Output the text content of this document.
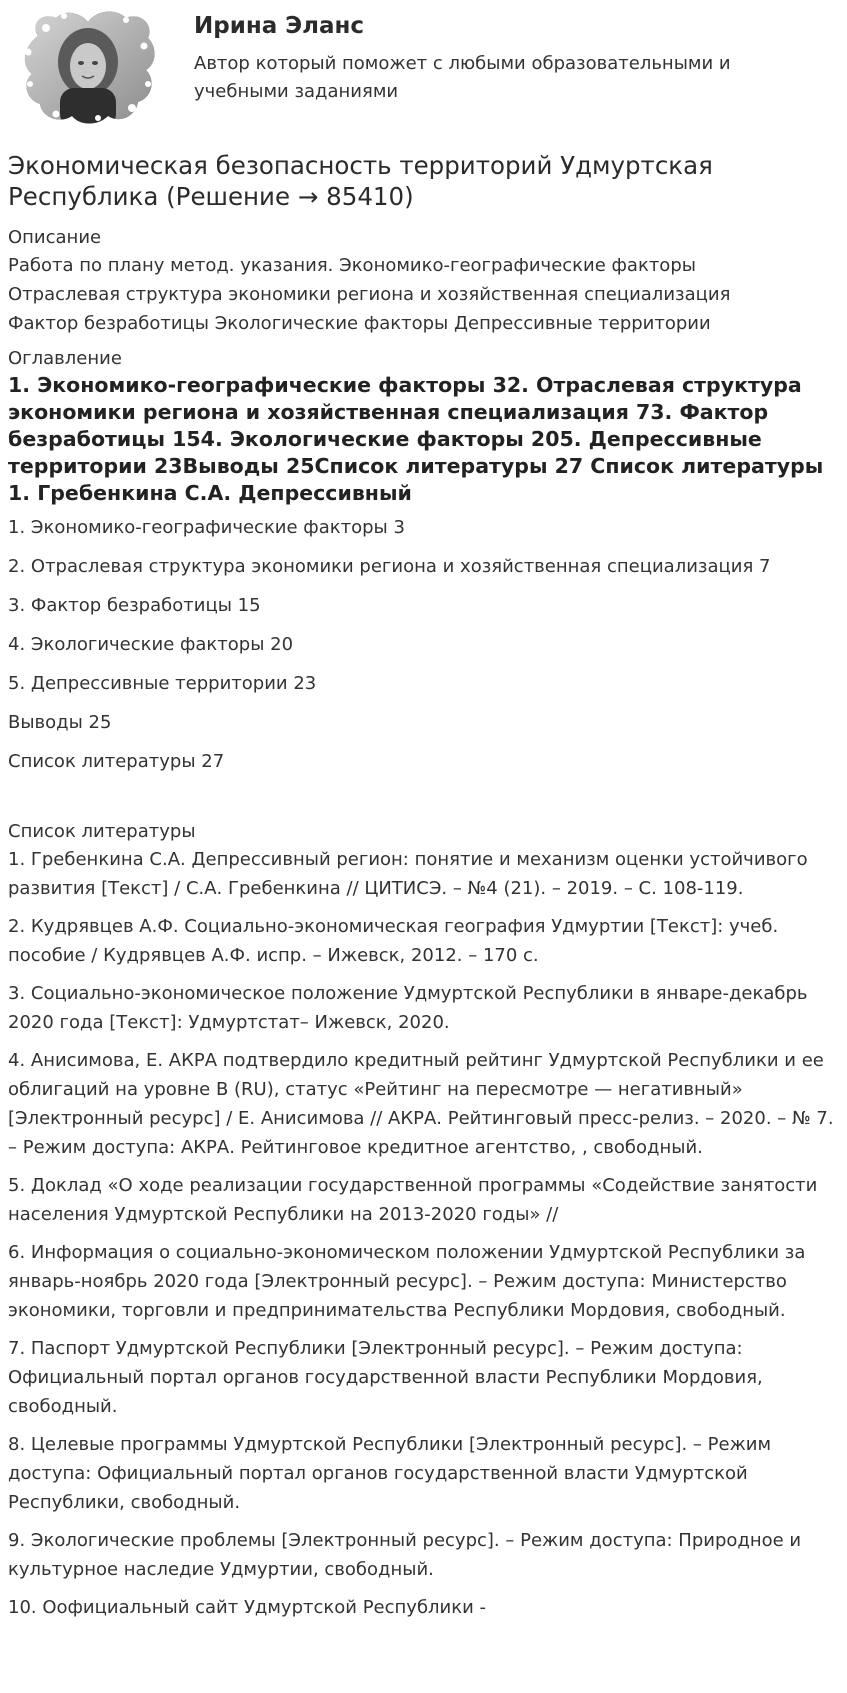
Ирина Эланс

Автор который поможет с любыми образовательными и учебными заданиями

Экономическая безопасность территорий Удмуртская Республика (Решение → 85410)

Описание

Работа по плану метод. указания. Экономико-географические факторы

Отраслевая структура экономики региона и хозяйственная специализация

Фактор безработицы Экологические факторы Депрессивные территории

Оглавление

1. Экономико-географические факторы 32. Отраслевая структура экономики региона и хозяйственная специализация 73. Фактор безработицы 154. Экологические факторы 205. Депрессивные территории 23Выводы 25Список литературы 27 Список литературы 1. Гребенкина С.А. Депрессивный

1. Экономико-географические факторы 3

2. Отраслевая структура экономики региона и хозяйственная специализация 7

3. Фактор безработицы 15

4. Экологические факторы 20

5. Депрессивные территории 23

Выводы 25

Список литературы 27

Список литературы

1. Гребенкина С.А. Депрессивный регион: понятие и механизм оценки устойчивого развития [Текст] / С.А. Гребенкина // ЦИТИСЭ. – №4 (21). – 2019. – С. 108-119.

2. Кудрявцев А.Ф. Социально-экономическая география Удмуртии [Текст]: учеб. пособие / Кудрявцев А.Ф. испр. – Ижевск, 2012. – 170 с.

3. Социально-экономическое положение Удмуртской Республики в январе-декабрь 2020 года [Текст]: Удмуртстат– Ижевск, 2020.

4. Анисимова, Е. АКРА подтвердило кредитный рейтинг Удмуртской Республики и ее облигаций на уровне B (RU), статус «Рейтинг на пересмотре — негативный» [Электронный ресурс] / Е. Анисимова // АКРА. Рейтинговый пресс-релиз. – 2020. – № 7. – Режим доступа: АКРА. Рейтинговое кредитное агентство, , свободный.

5. Доклад «О ходе реализации государственной программы «Содействие занятости населения Удмуртской Республики на 2013-2020 годы» //

6. Информация о социально-экономическом положении Удмуртской Республики за январь-ноябрь 2020 года [Электронный ресурс]. – Режим доступа: Министерство экономики, торговли и предпринимательства Республики Мордовия, свободный.

7. Паспорт Удмуртской Республики [Электронный ресурс]. – Режим доступа: Официальный портал органов государственной власти Республики Мордовия, свободный.

8. Целевые программы Удмуртской Республики [Электронный ресурс]. – Режим доступа: Официальный портал органов государственной власти Удмуртской Республики, свободный.

9. Экологические проблемы [Электронный ресурс]. – Режим доступа: Природное и культурное наследие Удмуртии, свободный.

10. Оофициальный сайт Удмуртской Республики -
